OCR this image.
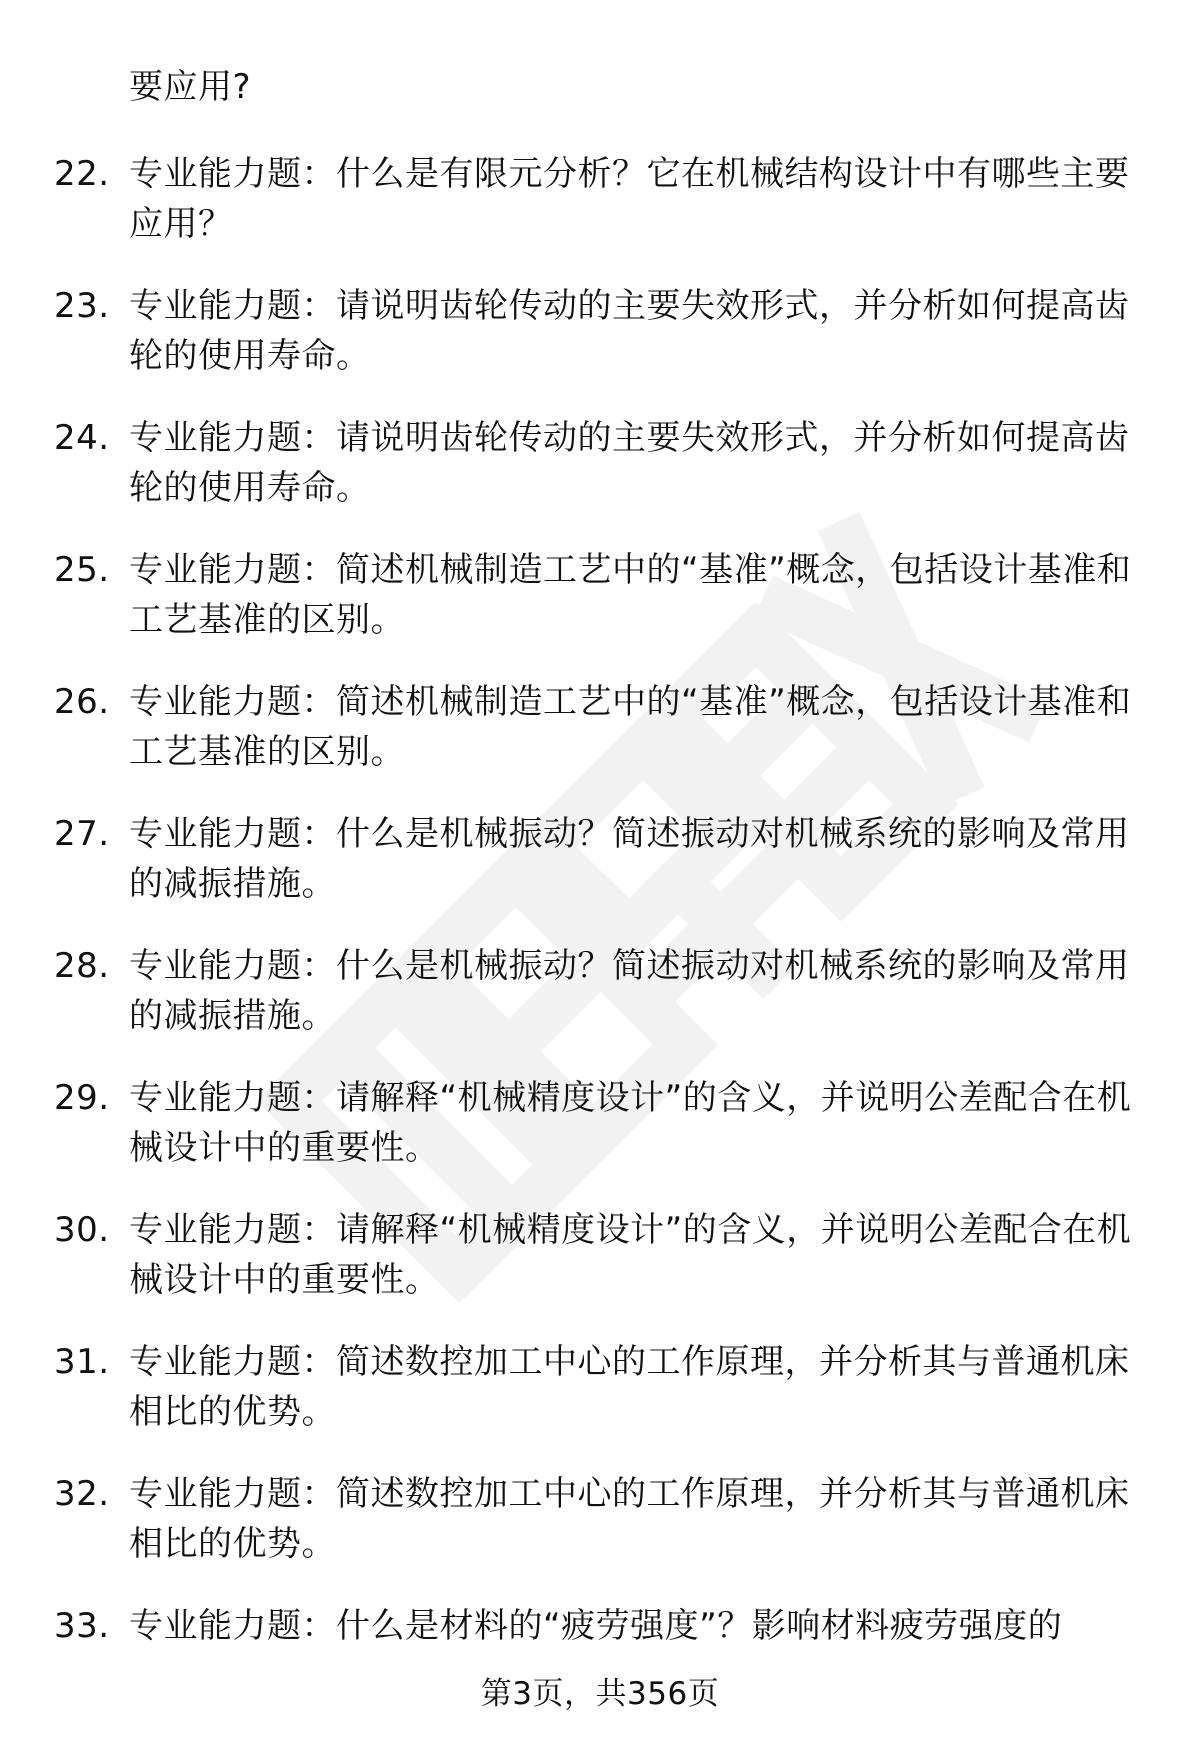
要应用?
22. 专业能力题：什么是有限元分析？它在机械结构设计中有哪些主要应用？
23. 专业能力题：请说明齿轮传动的主要失效形式，并分析如何提高齿轮的使用寿命。
24. 专业能力题：请说明齿轮传动的主要失效形式，并分析如何提高齿轮的使用寿命。
25. 专业能力题：简述机械制造工艺中的“基准”概念，包括设计基准和工艺基准的区别。
26. 专业能力题：简述机械制造工艺中的“基准”概念，包括设计基准和工艺基准的区别。
27. 专业能力题：什么是机械振动？简述振动对机械系统的影响及常用的减振措施。
28. 专业能力题：什么是机械振动？简述振动对机械系统的影响及常用的减振措施。
29. 专业能力题：请解释“机械精度设计”的含义，并说明公差配合在机械设计中的重要性。
30. 专业能力题：请解释“机械精度设计”的含义，并说明公差配合在机械设计中的重要性。
31. 专业能力题：简述数控加工中心的工作原理，并分析其与普通机床相比的优势。
32. 专业能力题：简述数控加工中心的工作原理，并分析其与普通机床相比的优势。
33. 专业能力题：什么是材料的“疲劳强度”？影响材料疲劳强度的
第3页，共356页
